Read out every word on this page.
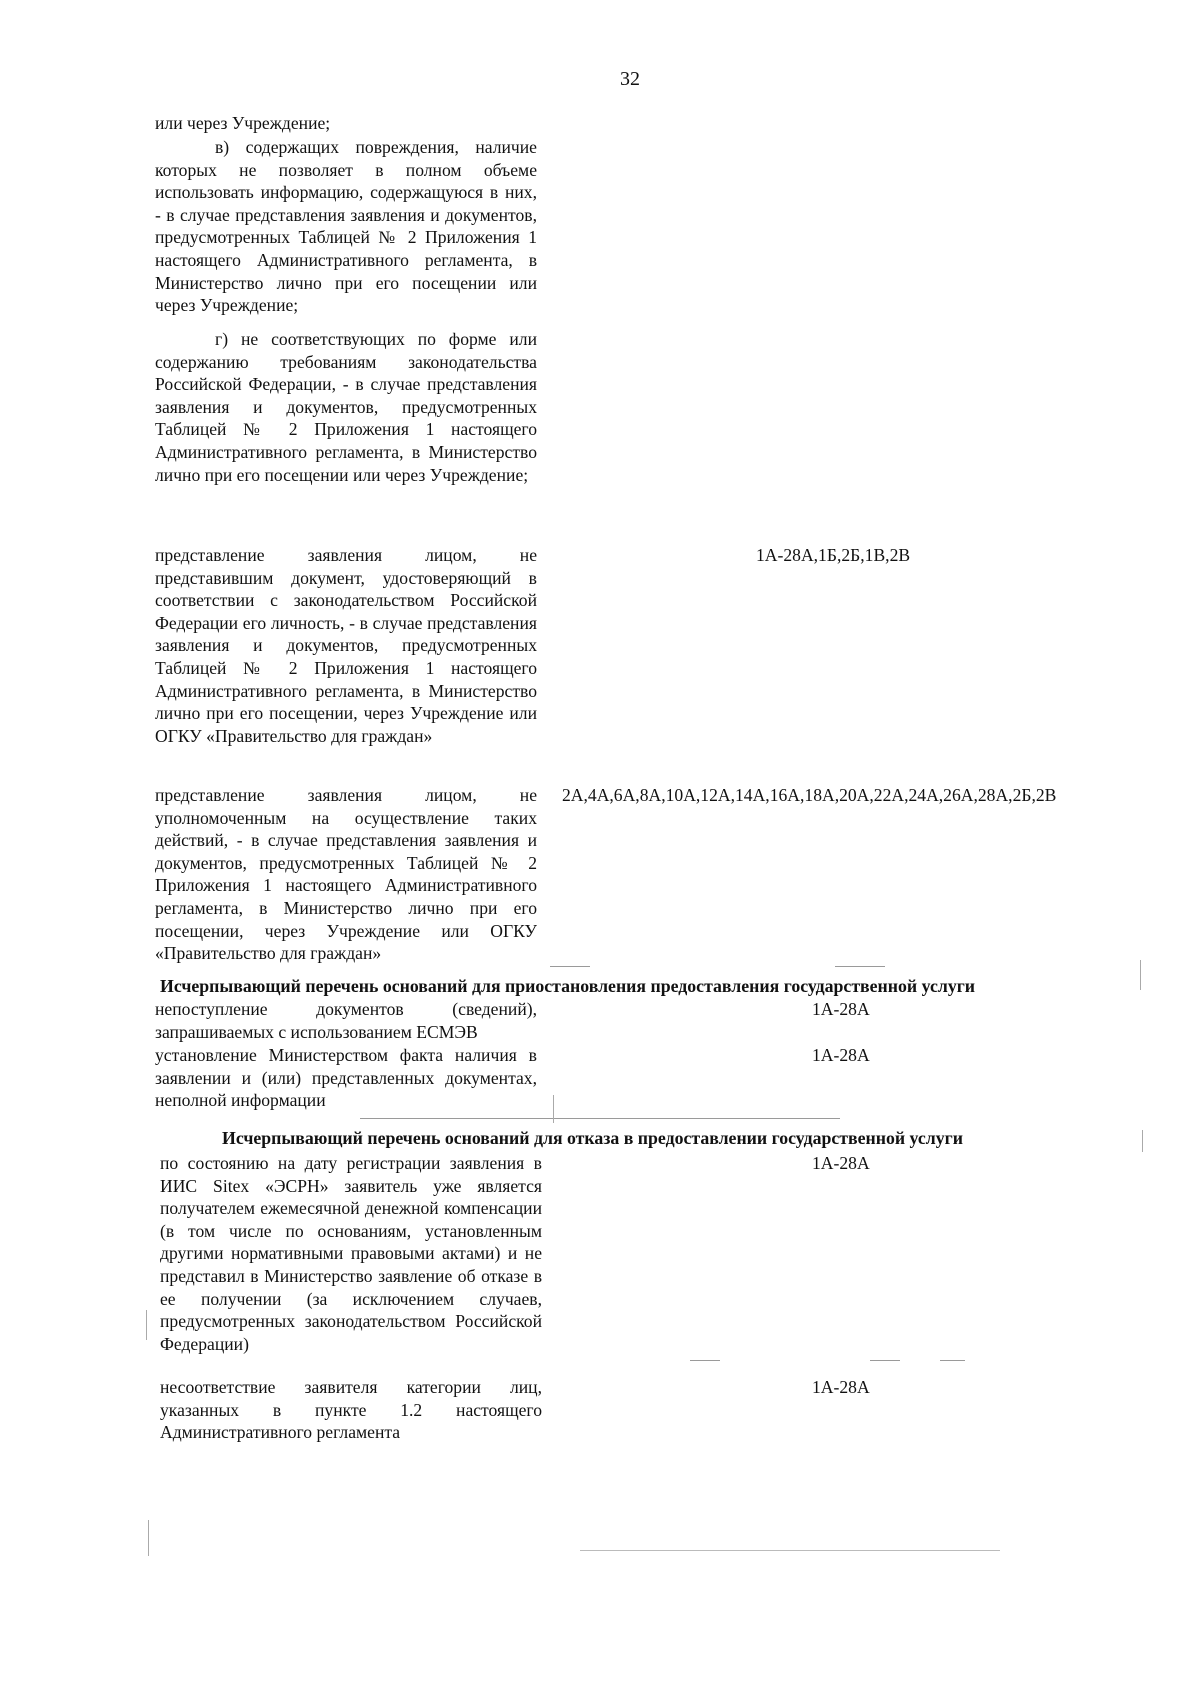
32
или через Учреждение;
в) содержащих повреждения, наличие которых не позволяет в полном объеме использовать информацию, содержащуюся в них, - в случае представления заявления и документов, предусмотренных Таблицей № 2 Приложения 1 настоящего Административного регламента, в Министерство лично при его посещении или через Учреждение;
г) не соответствующих по форме или содержанию требованиям законодательства Российской Федерации, - в случае представления заявления и документов, предусмотренных Таблицей № 2 Приложения 1 настоящего Административного регламента, в Министерство лично при его посещении или через Учреждение;
представление заявления лицом, не представившим документ, удостоверяющий в соответствии с законодательством Российской Федерации его личность, - в случае представления заявления и документов, предусмотренных Таблицей № 2 Приложения 1 настоящего Административного регламента, в Министерство лично при его посещении, через Учреждение или ОГКУ «Правительство для граждан»
1А-28А,1Б,2Б,1В,2В
представление заявления лицом, не уполномоченным на осуществление таких действий, - в случае представления заявления и документов, предусмотренных Таблицей № 2 Приложения 1 настоящего Административного регламента, в Министерство лично при его посещении, через Учреждение или ОГКУ «Правительство для граждан»
2А,4А,6А,8А,10А,12А,14А,16А,18А,20А,22А,24А,26А,28А,2Б,2В
Исчерпывающий перечень оснований для приостановления предоставления государственной услуги
непоступление документов (сведений), запрашиваемых с использованием ЕСМЭВ
1А-28А
установление Министерством факта наличия в заявлении и (или) представленных документах, неполной информации
1А-28А
Исчерпывающий перечень оснований для отказа в предоставлении государственной услуги
по состоянию на дату регистрации заявления в ИИС Sitex «ЭСРН» заявитель уже является получателем ежемесячной денежной компенсации (в том числе по основаниям, установленным другими нормативными правовыми актами) и не представил в Министерство заявление об отказе в ее получении (за исключением случаев, предусмотренных законодательством Российской Федерации)
1А-28А
несоответствие заявителя категории лиц, указанных в пункте 1.2 настоящего Административного регламента
1А-28А
